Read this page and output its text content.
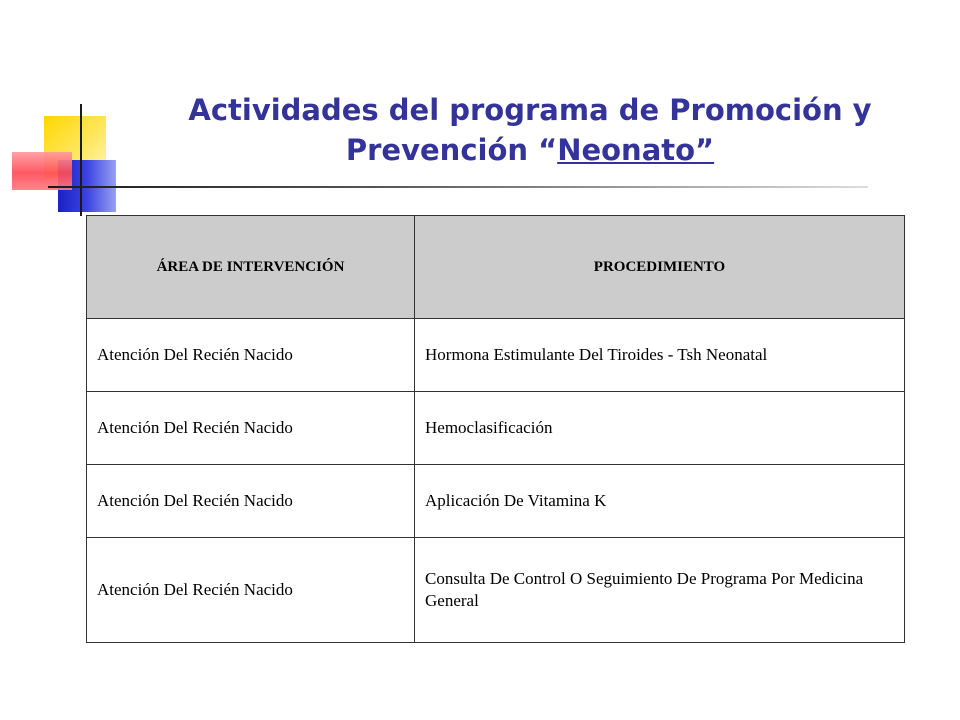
Actividades del programa de Promoción y
Prevención “Neonato”
ÁREA DE INTERVENCIÓN	PROCEDIMIENTO
Atención Del Recién Nacido	Hormona Estimulante Del Tiroides - Tsh Neonatal
Atención Del Recién Nacido	Hemoclasificación
Atención Del Recién Nacido	Aplicación De Vitamina K
Atención Del Recién Nacido	Consulta De Control O Seguimiento De Programa Por Medicina General
